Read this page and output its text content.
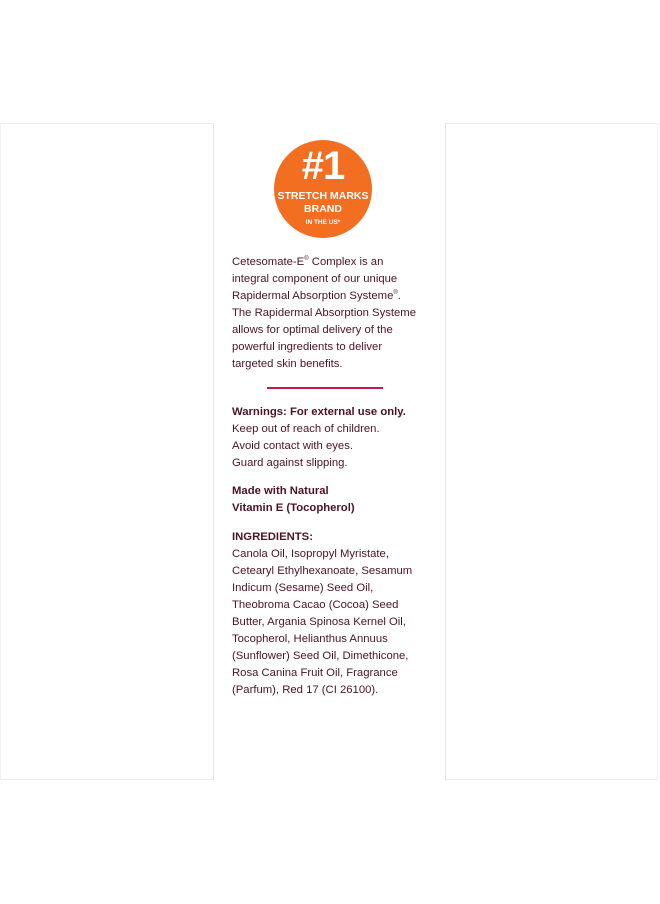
#1
STRETCH MARKS
BRAND
IN THE US*

Cetesomate-E® Complex is an
integral component of our unique
Rapidermal Absorption Systeme®.
The Rapidermal Absorption Systeme
allows for optimal delivery of the
powerful ingredients to deliver
targeted skin benefits.

Warnings: For external use only.
Keep out of reach of children.
Avoid contact with eyes.
Guard against slipping.

Made with Natural
Vitamin E (Tocopherol)

INGREDIENTS:
Canola Oil, Isopropyl Myristate,
Cetearyl Ethylhexanoate, Sesamum
Indicum (Sesame) Seed Oil,
Theobroma Cacao (Cocoa) Seed
Butter, Argania Spinosa Kernel Oil,
Tocopherol, Helianthus Annuus
(Sunflower) Seed Oil, Dimethicone,
Rosa Canina Fruit Oil, Fragrance
(Parfum), Red 17 (CI 26100).
